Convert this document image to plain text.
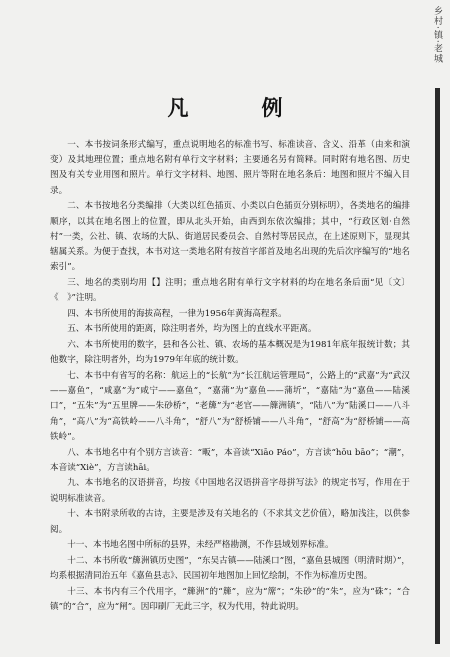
乡村·镇·老城
凡　例

一、本书按词条形式编写，重点说明地名的标准书写、标准读音、含义、沿革（由来和演变）及其地理位置；重点地名附有单行文字材料；主要通名另有简释。同时附有地名图、历史图及有关专业用图和照片。单行文字材料、地图、照片等附在地名条后：地图和照片不编入目录。

二、本书按地名分类编排（大类以红色插页、小类以白色插页分别标明），各类地名的编排顺序，以其在地名图上的位置，即从北头开始，由西到东依次编排；其中，“行政区划·自然村”一类，公社、镇、农场的大队、街道居民委员会、自然村等居民点，在上述原则下，显现其辖属关系。为便于查找，本书对这一类地名附有按首字部首及地名出现的先后次序编写的“地名索引”。

三、地名的类别均用【】注明；重点地名附有单行文字材料的均在地名条后面“见〔文〕《　》”注明。

四、本书所使用的海拔高程，一律为1956年黄海高程系。

五、本书所使用的距离，除注明者外，均为图上的直线水平距离。

六、本书所使用的数字，县和各公社、镇、农场的基本概况是为1981年底年报统计数；其他数字，除注明者外，均为1979年年底的统计数。

七、本书中有省写的名称：航运上的“长航”为“长江航运管理局”，公路上的“武嘉”为“武汉——嘉鱼”，“咸嘉”为“咸宁——嘉鱼”，“嘉蒲”为“嘉鱼——蒲圻”，“嘉陆”为“嘉鱼——陆溪口”，“五朱”为“五里牌——朱砂桥”，“老簰”为“老官——簰洲镇”，“陆八”为“陆溪口——八斗角”，“高八”为“高铁岭——八斗角”，“舒八”为“舒桥铺——八斗角”，“舒高”为“舒桥铺——高铁岭”。

八、本书地名中有个别方言读音：“畈”，本音读“Xiāo Páo”，方言读“hōu bāo”；“潮”，本音读“Xiè”，方言读hāi。

九、本书地名的汉语拼音，均按《中国地名汉语拼音字母拼写法》的规定书写，作用在于说明标准读音。

十、本书附录所收的古诗，主要是涉及有关地名的（不求其文艺价值），略加浅注，以供参阅。

十一、本书地名图中所标的县界，未经严格勘测，不作县域划界标准。

十二、本书所收“簰洲镇历史图”，“东吴古镇——陆溪口”图，“嘉鱼县城图（明清时期）”，均系根据清同治五年《嘉鱼县志》、民国初年地图加上回忆绘制，不作为标准历史图。

十三、本书内有三个代用字，“簰洲”的“簰”，应为“𥱊”；“朱砂”的“朱”，应为“硃”；“合镇”的“合”，应为“闸”。因印刷厂无此三字，权为代用，特此说明。
